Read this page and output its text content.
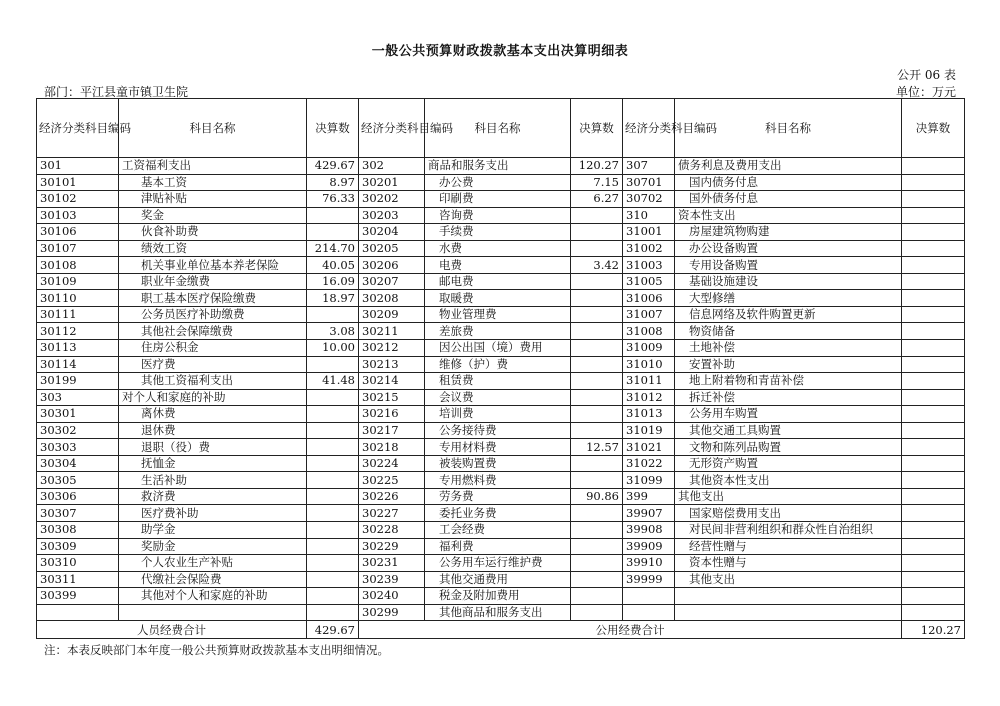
一般公共预算财政拨款基本支出决算明细表
公开 06 表
部门：平江县童市镇卫生院	单位：万元
经济分类科目编码	科目名称	决算数	经济分类科目编码	科目名称	决算数	经济分类科目编码	科目名称	决算数
301	工资福利支出	429.67	302	商品和服务支出	120.27	307	债务利息及费用支出	
30101	基本工资	8.97	30201	办公费	7.15	30701	国内债务付息	
30102	津贴补贴	76.33	30202	印刷费	6.27	30702	国外债务付息	
30103	奖金		30203	咨询费		310	资本性支出	
30106	伙食补助费		30204	手续费		31001	房屋建筑物购建	
30107	绩效工资	214.70	30205	水费		31002	办公设备购置	
30108	机关事业单位基本养老保险	40.05	30206	电费	3.42	31003	专用设备购置	
30109	职业年金缴费	16.09	30207	邮电费		31005	基础设施建设	
30110	职工基本医疗保险缴费	18.97	30208	取暖费		31006	大型修缮	
30111	公务员医疗补助缴费		30209	物业管理费		31007	信息网络及软件购置更新	
30112	其他社会保障缴费	3.08	30211	差旅费		31008	物资储备	
30113	住房公积金	10.00	30212	因公出国（境）费用		31009	土地补偿	
30114	医疗费		30213	维修（护）费		31010	安置补助	
30199	其他工资福利支出	41.48	30214	租赁费		31011	地上附着物和青苗补偿	
303	对个人和家庭的补助		30215	会议费		31012	拆迁补偿	
30301	离休费		30216	培训费		31013	公务用车购置	
30302	退休费		30217	公务接待费		31019	其他交通工具购置	
30303	退职（役）费		30218	专用材料费	12.57	31021	文物和陈列品购置	
30304	抚恤金		30224	被装购置费		31022	无形资产购置	
30305	生活补助		30225	专用燃料费		31099	其他资本性支出	
30306	救济费		30226	劳务费	90.86	399	其他支出	
30307	医疗费补助		30227	委托业务费		39907	国家赔偿费用支出	
30308	助学金		30228	工会经费		39908	对民间非营利组织和群众性自治组织	
30309	奖励金		30229	福利费		39909	经营性赠与	
30310	个人农业生产补贴		30231	公务用车运行维护费		39910	资本性赠与	
30311	代缴社会保险费		30239	其他交通费用		39999	其他支出	
30399	其他对个人和家庭的补助		30240	税金及附加费用				
			30299	其他商品和服务支出				
人员经费合计		429.67	公用经费合计					120.27
注：本表反映部门本年度一般公共预算财政拨款基本支出明细情况。
